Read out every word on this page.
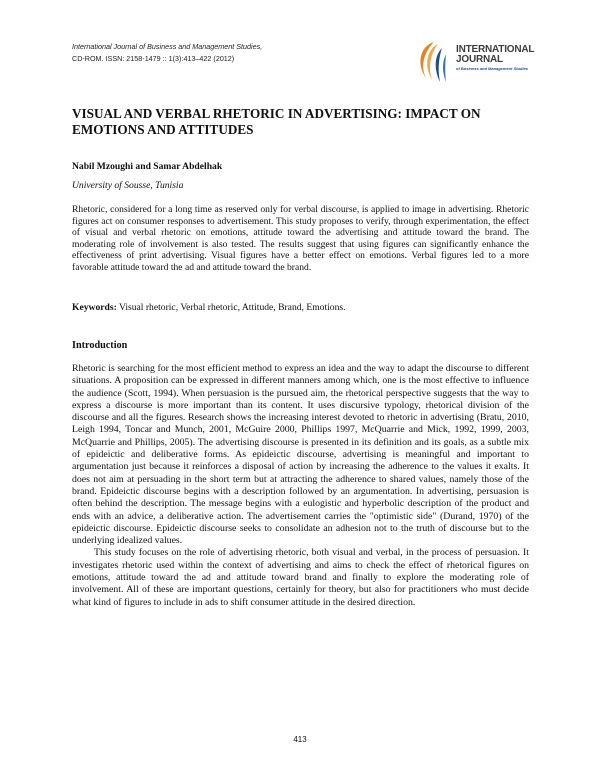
International Journal of Business and Management Studies,
CD-ROM. ISSN: 2158-1479 :: 1(3):413–422 (2012)
INTERNATIONAL
JOURNAL
of Business and Management Studies
VISUAL AND VERBAL RHETORIC IN ADVERTISING: IMPACT ON EMOTIONS AND ATTITUDES
Nabil Mzoughi and Samar Abdelhak
University of Sousse, Tunisia
Rhetoric, considered for a long time as reserved only for verbal discourse, is applied to image in advertising. Rhetoric figures act on consumer responses to advertisement. This study proposes to verify, through experimentation, the effect of visual and verbal rhetoric on emotions, attitude toward the advertising and attitude toward the brand. The moderating role of involvement is also tested. The results suggest that using figures can significantly enhance the effectiveness of print advertising. Visual figures have a better effect on emotions. Verbal figures led to a more favorable attitude toward the ad and attitude toward the brand.
Keywords: Visual rhetoric, Verbal rhetoric, Attitude, Brand, Emotions.
Introduction

Rhetoric is searching for the most efficient method to express an idea and the way to adapt the discourse to different situations. A proposition can be expressed in different manners among which, one is the most effective to influence the audience (Scott, 1994). When persuasion is the pursued aim, the rhetorical perspective suggests that the way to express a discourse is more important than its content. It uses discursive typology, rhetorical division of the discourse and all the figures. Research shows the increasing interest devoted to rhetoric in advertising (Bratu, 2010, Leigh 1994, Toncar and Munch, 2001, McGuire 2000, Phillips 1997, McQuarrie and Mick, 1992, 1999, 2003, McQuarrie and Phillips, 2005). The advertising discourse is presented in its definition and its goals, as a subtle mix of epideictic and deliberative forms. As epideictic discourse, advertising is meaningful and important to argumentation just because it reinforces a disposal of action by increasing the adherence to the values it exalts. It does not aim at persuading in the short term but at attracting the adherence to shared values, namely those of the brand. Epideictic discourse begins with a description followed by an argumentation. In advertising, persuasion is often behind the description. The message begins with a eulogistic and hyperbolic description of the product and ends with an advice, a deliberative action. The advertisement carries the "optimistic side" (Durand, 1970) of the epideictic discourse. Epideictic discourse seeks to consolidate an adhesion not to the truth of discourse but to the underlying idealized values.

This study focuses on the role of advertising rhetoric, both visual and verbal, in the process of persuasion. It investigates rhetoric used within the context of advertising and aims to check the effect of rhetorical figures on emotions, attitude toward the ad and attitude toward brand and finally to explore the moderating role of involvement. All of these are important questions, certainly for theory, but also for practitioners who must decide what kind of figures to include in ads to shift consumer attitude in the desired direction.

413
